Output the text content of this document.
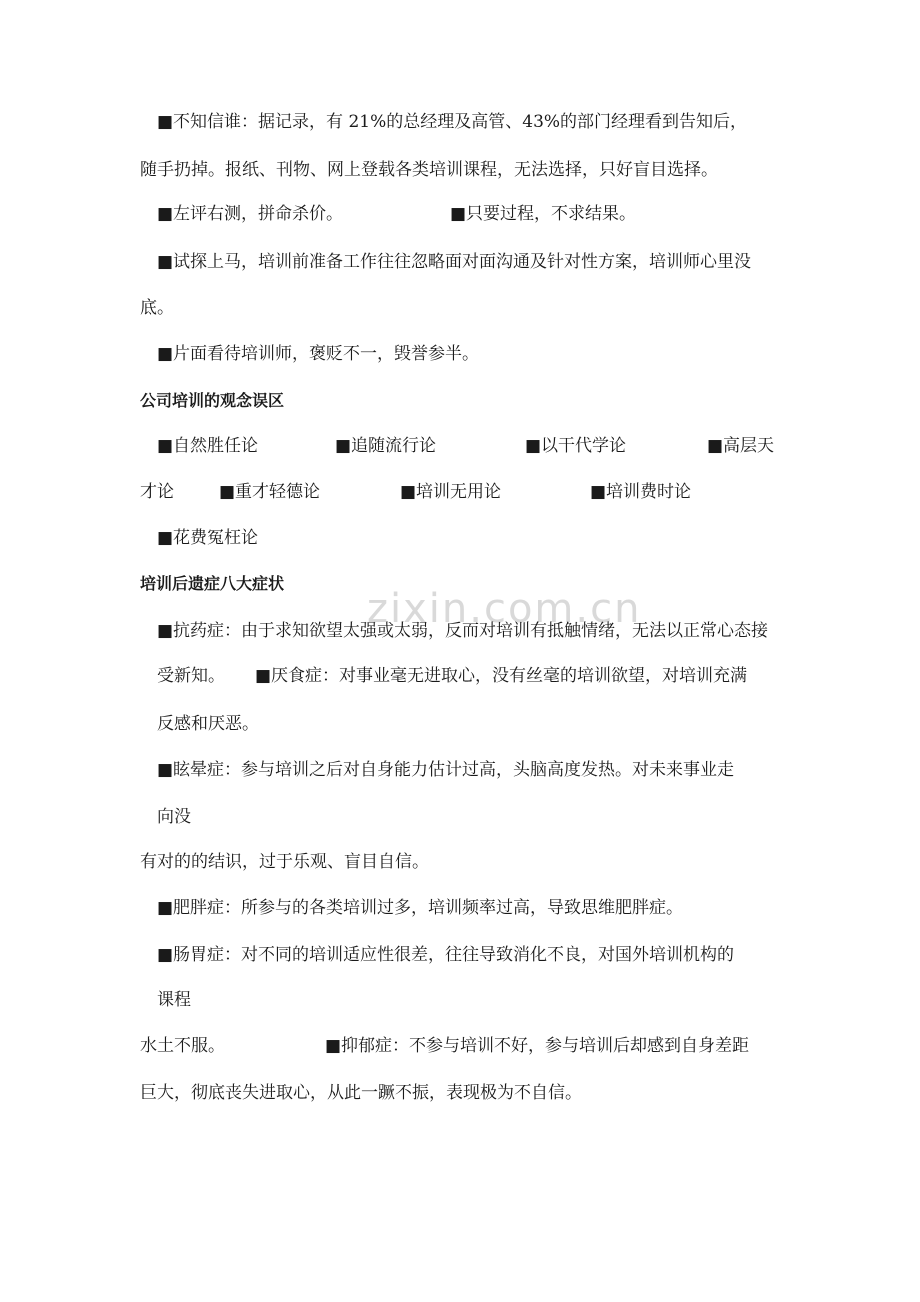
zixin.com.cn
■不知信谁：据记录，有 21%的总经理及高管、43%的部门经理看到告知后，
随手扔掉。报纸、刊物、网上登载各类培训课程，无法选择，只好盲目选择。
■左评右测，拼命杀价。	■只要过程，不求结果。
■试探上马，培训前准备工作往往忽略面对面沟通及针对性方案，培训师心里没
底。
■片面看待培训师，褒贬不一，毁誉参半。
公司培训的观念误区
■自然胜任论	■追随流行论	■以干代学论	■高层天
才论	■重才轻德论	■培训无用论	■培训费时论
■花费冤枉论
培训后遗症八大症状
■抗药症：由于求知欲望太强或太弱，反而对培训有抵触情绪，无法以正常心态接
受新知。 ■厌食症：对事业毫无进取心，没有丝毫的培训欲望，对培训充满
反感和厌恶。
■眩晕症：参与培训之后对自身能力估计过高，头脑高度发热。对未来事业走
向没
有对的的结识，过于乐观、盲目自信。
■肥胖症：所参与的各类培训过多，培训频率过高，导致思维肥胖症。
■肠胃症：对不同的培训适应性很差，往往导致消化不良，对国外培训机构的
课程
水土不服。	■抑郁症：不参与培训不好，参与培训后却感到自身差距
巨大，彻底丧失进取心，从此一蹶不振，表现极为不自信。
